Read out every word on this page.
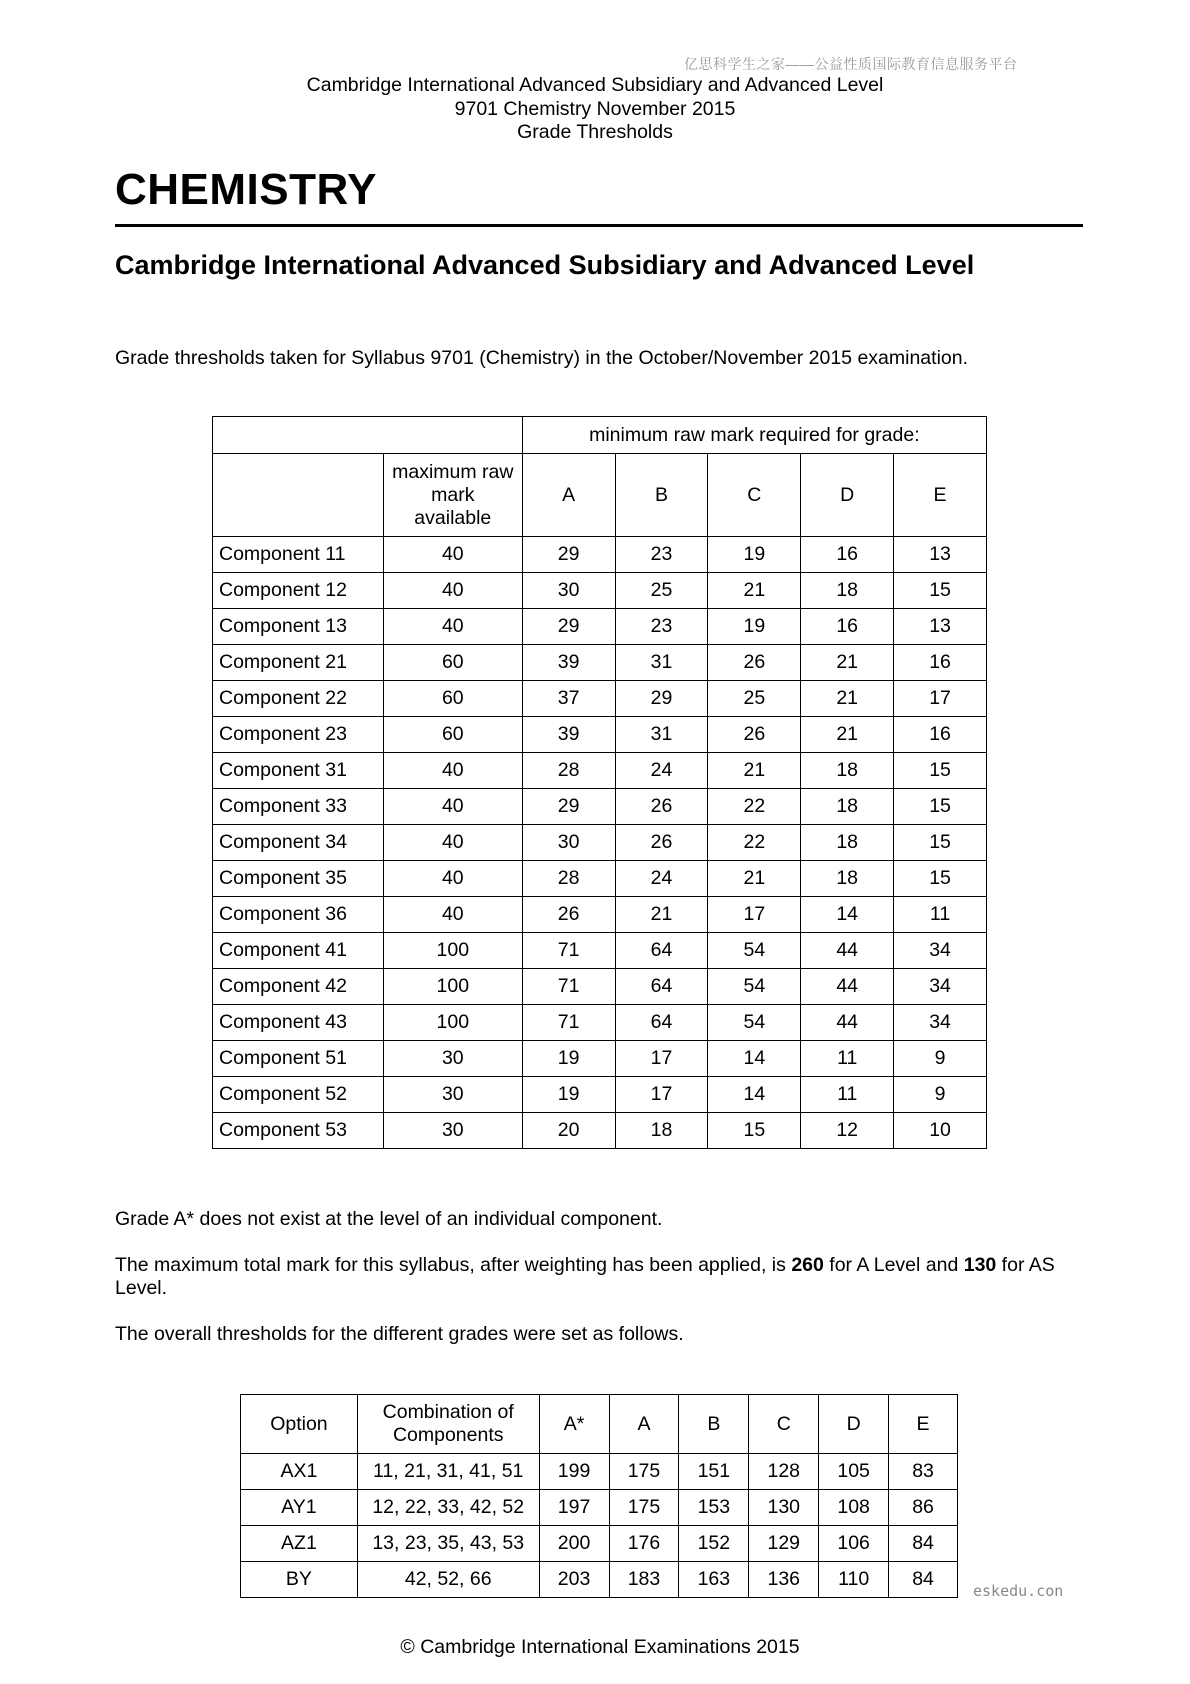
亿思科学生之家——公益性质国际教育信息服务平台
Cambridge International Advanced Subsidiary and Advanced Level
9701 Chemistry November 2015
Grade Thresholds
CHEMISTRY
Cambridge International Advanced Subsidiary and Advanced Level
Grade thresholds taken for Syllabus 9701 (Chemistry) in the October/November 2015 examination.
		minimum raw mark required for grade:				

	maximum raw
mark
available	A	B	C	D	E
Component 11	40	29	23	19	16	13
Component 12	40	30	25	21	18	15
Component 13	40	29	23	19	16	13
Component 21	60	39	31	26	21	16
Component 22	60	37	29	25	21	17
Component 23	60	39	31	26	21	16
Component 31	40	28	24	21	18	15
Component 33	40	29	26	22	18	15
Component 34	40	30	26	22	18	15
Component 35	40	28	24	21	18	15
Component 36	40	26	21	17	14	11
Component 41	100	71	64	54	44	34
Component 42	100	71	64	54	44	34
Component 43	100	71	64	54	44	34
Component 51	30	19	17	14	11	9
Component 52	30	19	17	14	11	9
Component 53	30	20	18	15	12	10
Grade A* does not exist at the level of an individual component.
The maximum total mark for this syllabus, after weighting has been applied, is 260 for A Level and 130 for AS Level.
The overall thresholds for the different grades were set as follows.
Option	Combination of
Components	A*	A	B	C	D	E
AX1	11, 21, 31, 41, 51	199	175	151	128	105	83
AY1	12, 22, 33, 42, 52	197	175	153	130	108	86
AZ1	13, 23, 35, 43, 53	200	176	152	129	106	84
BY	42, 52, 66	203	183	163	136	110	84
eskedu.con
© Cambridge International Examinations 2015
